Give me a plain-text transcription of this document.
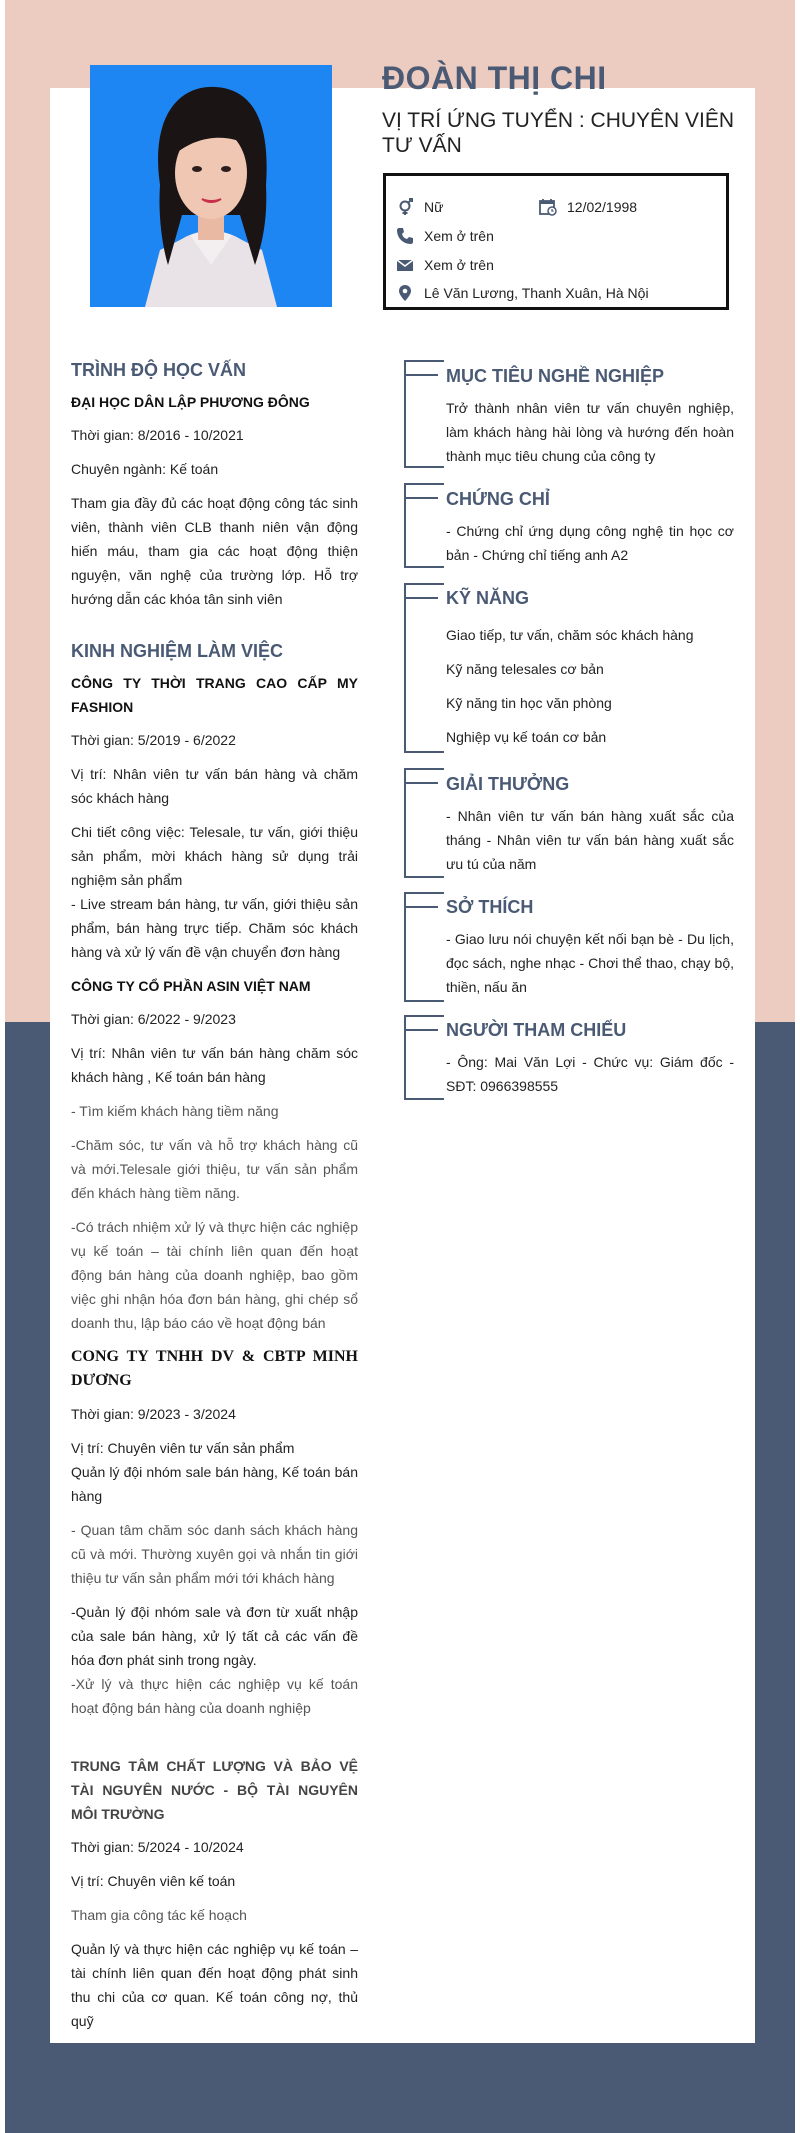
ĐOÀN THỊ CHI
VỊ TRÍ ỨNG TUYỂN : CHUYÊN VIÊN TƯ VẤN
Nữ	12/02/1998
Xem ở trên
Xem ở trên
Lê Văn Lương, Thanh Xuân, Hà Nội
TRÌNH ĐỘ HỌC VẤN
ĐẠI HỌC DÂN LẬP PHƯƠNG ĐÔNG
Thời gian: 8/2016 - 10/2021
Chuyên ngành: Kế toán
Tham gia đầy đủ các hoạt động công tác sinh viên, thành viên CLB thanh niên vận động hiến máu, tham gia các hoạt động thiện nguyện, văn nghệ của trường lớp. Hỗ trợ hướng dẫn các khóa tân sinh viên
KINH NGHIỆM LÀM VIỆC
CÔNG TY THỜI TRANG CAO CẤP MY FASHION
Thời gian: 5/2019 - 6/2022
Vị trí: Nhân viên tư vấn bán hàng và chăm sóc khách hàng
Chi tiết công việc: Telesale, tư vấn, giới thiệu sản phẩm, mời khách hàng sử dụng trải nghiệm sản phẩm
- Live stream bán hàng, tư vấn, giới thiệu sản phẩm, bán hàng trực tiếp. Chăm sóc khách hàng và xử lý vấn đề vận chuyển đơn hàng
CÔNG TY CỔ PHẦN ASIN VIỆT NAM
Thời gian: 6/2022 - 9/2023
Vị trí: Nhân viên tư vấn bán hàng chăm sóc khách hàng , Kế toán bán hàng
- Tìm kiếm khách hàng tiềm năng
-Chăm sóc, tư vấn và hỗ trợ khách hàng cũ và mới.Telesale giới thiệu, tư vấn sản phẩm đến khách hàng tiềm năng.
-Có trách nhiệm xử lý và thực hiện các nghiệp vụ kế toán – tài chính liên quan đến hoạt động bán hàng của doanh nghiệp, bao gồm việc ghi nhận hóa đơn bán hàng, ghi chép sổ doanh thu, lập báo cáo về hoạt động bán
CONG TY TNHH DV & CBTP MINH DƯƠNG
Thời gian: 9/2023 - 3/2024
Vị trí: Chuyên viên tư vấn sản phẩm
Quản lý đội nhóm sale bán hàng, Kế toán bán hàng
- Quan tâm chăm sóc danh sách khách hàng cũ và mới. Thường xuyên gọi và nhắn tin giới thiệu tư vấn sản phẩm mới tới khách hàng
-Quản lý đội nhóm sale và đơn từ xuất nhập của sale bán hàng, xử lý tất cả các vấn đề hóa đơn phát sinh trong ngày.
-Xử lý và thực hiện các nghiệp vụ kế toán hoạt động bán hàng của doanh nghiệp
TRUNG TÂM CHẤT LƯỢNG VÀ BẢO VỆ TÀI NGUYÊN NƯỚC - BỘ TÀI NGUYÊN MÔI TRƯỜNG
Thời gian: 5/2024 - 10/2024
Vị trí: Chuyên viên kế toán
Tham gia công tác kế hoạch
Quản lý và thực hiện các nghiệp vụ kế toán – tài chính liên quan đến hoạt động phát sinh thu chi của cơ quan. Kế toán công nợ, thủ quỹ
MỤC TIÊU NGHỀ NGHIỆP
Trở thành nhân viên tư vấn chuyên nghiệp, làm khách hàng hài lòng và hướng đến hoàn thành mục tiêu chung của công ty
CHỨNG CHỈ
- Chứng chỉ ứng dụng công nghệ tin học cơ bản - Chứng chỉ tiếng anh A2
KỸ NĂNG
Giao tiếp, tư vấn, chăm sóc khách hàng
Kỹ năng telesales cơ bản
Kỹ năng tin học văn phòng
Nghiệp vụ kế toán cơ bản
GIẢI THƯỞNG
- Nhân viên tư vấn bán hàng xuất sắc của tháng - Nhân viên tư vấn bán hàng xuất sắc ưu tú của năm
SỞ THÍCH
- Giao lưu nói chuyện kết nối bạn bè - Du lịch, đọc sách, nghe nhạc - Chơi thể thao, chạy bộ, thiền, nấu ăn
NGƯỜI THAM CHIẾU
- Ông: Mai Văn Lợi - Chức vụ: Giám đốc - SĐT: 0966398555
